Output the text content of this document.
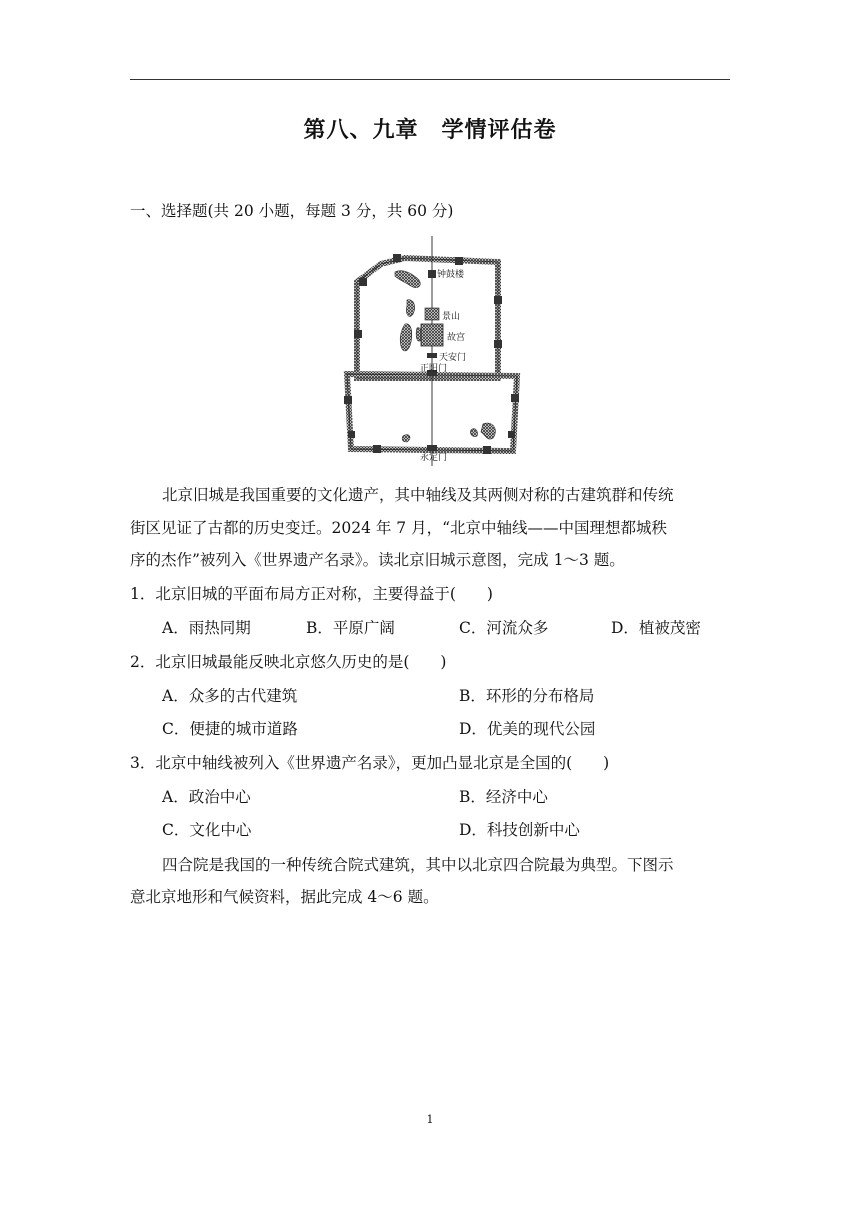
第八、九章　学情评估卷
一、选择题(共 20 小题，每题 3 分，共 60 分)
钟鼓楼
景山
故宫
天安门
正阳门
永定门
北京旧城是我国重要的文化遗产，其中轴线及其两侧对称的古建筑群和传统
街区见证了古都的历史变迁。2024 年 7 月，“北京中轴线——中国理想都城秩
序的杰作”被列入《世界遗产名录》。读北京旧城示意图，完成 1～3 题。
1．北京旧城的平面布局方正对称，主要得益于(　　)
A．雨热同期	B．平原广阔	C．河流众多	D．植被茂密
2．北京旧城最能反映北京悠久历史的是(　　)
A．众多的古代建筑	B．环形的分布格局
C．便捷的城市道路	D．优美的现代公园
3．北京中轴线被列入《世界遗产名录》，更加凸显北京是全国的(　　)
A．政治中心	B．经济中心
C．文化中心	D．科技创新中心
四合院是我国的一种传统合院式建筑，其中以北京四合院最为典型。下图示
意北京地形和气候资料，据此完成 4～6 题。
1
